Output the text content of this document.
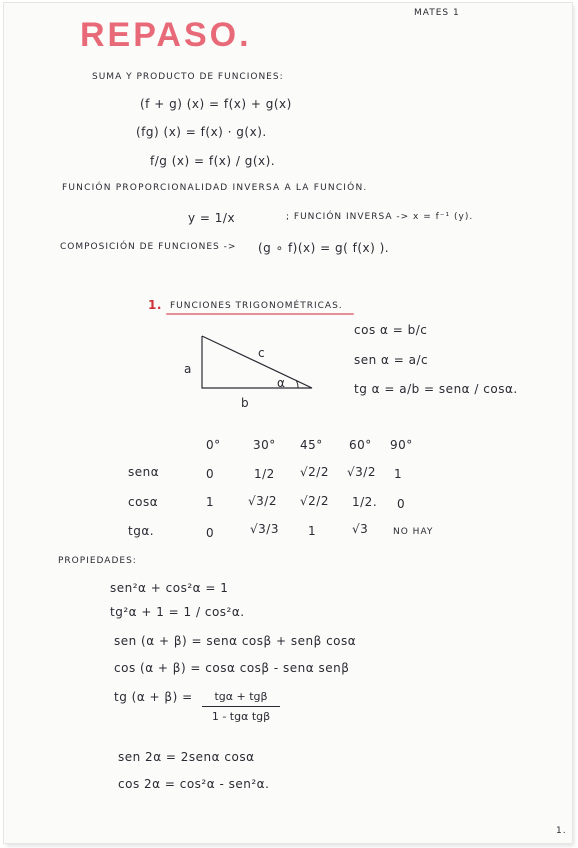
MATES 1
REPASO.
SUMA Y PRODUCTO DE FUNCIONES:
(f + g) (x) = f(x) + g(x)
(fg) (x) = f(x) · g(x).
f/g (x) = f(x) / g(x).
FUNCIÓN PROPORCIONALIDAD INVERSA A LA FUNCIÓN.
y = 1/x	; FUNCIÓN INVERSA -> x = f⁻¹ (y).
COMPOSICIÓN DE FUNCIONES -> (g ∘ f)(x) = g( f(x) ).
1. FUNCIONES TRIGONOMÉTRICAS.
a
c
b
α
cos α = b/c
sen α = a/c
tg α = a/b = senα / cosα.
0°	30° 45° 60° 90°
senα	0	1/2 √2/2 √3/2 1
cosα	1	√3/2 √2/2 1/2. 0
tgα.	0	√3/3 1	√3	NO HAY
PROPIEDADES:
sen²α + cos²α = 1
tg²α + 1 = 1 / cos²α.
sen (α + β) = senα cosβ + senβ cosα
cos (α + β) = cosα cosβ - senα senβ
tg (α + β) =	tgα + tgβ
1 - tgα tgβ
sen 2α = 2senα cosα
cos 2α = cos²α - sen²α.
1.
